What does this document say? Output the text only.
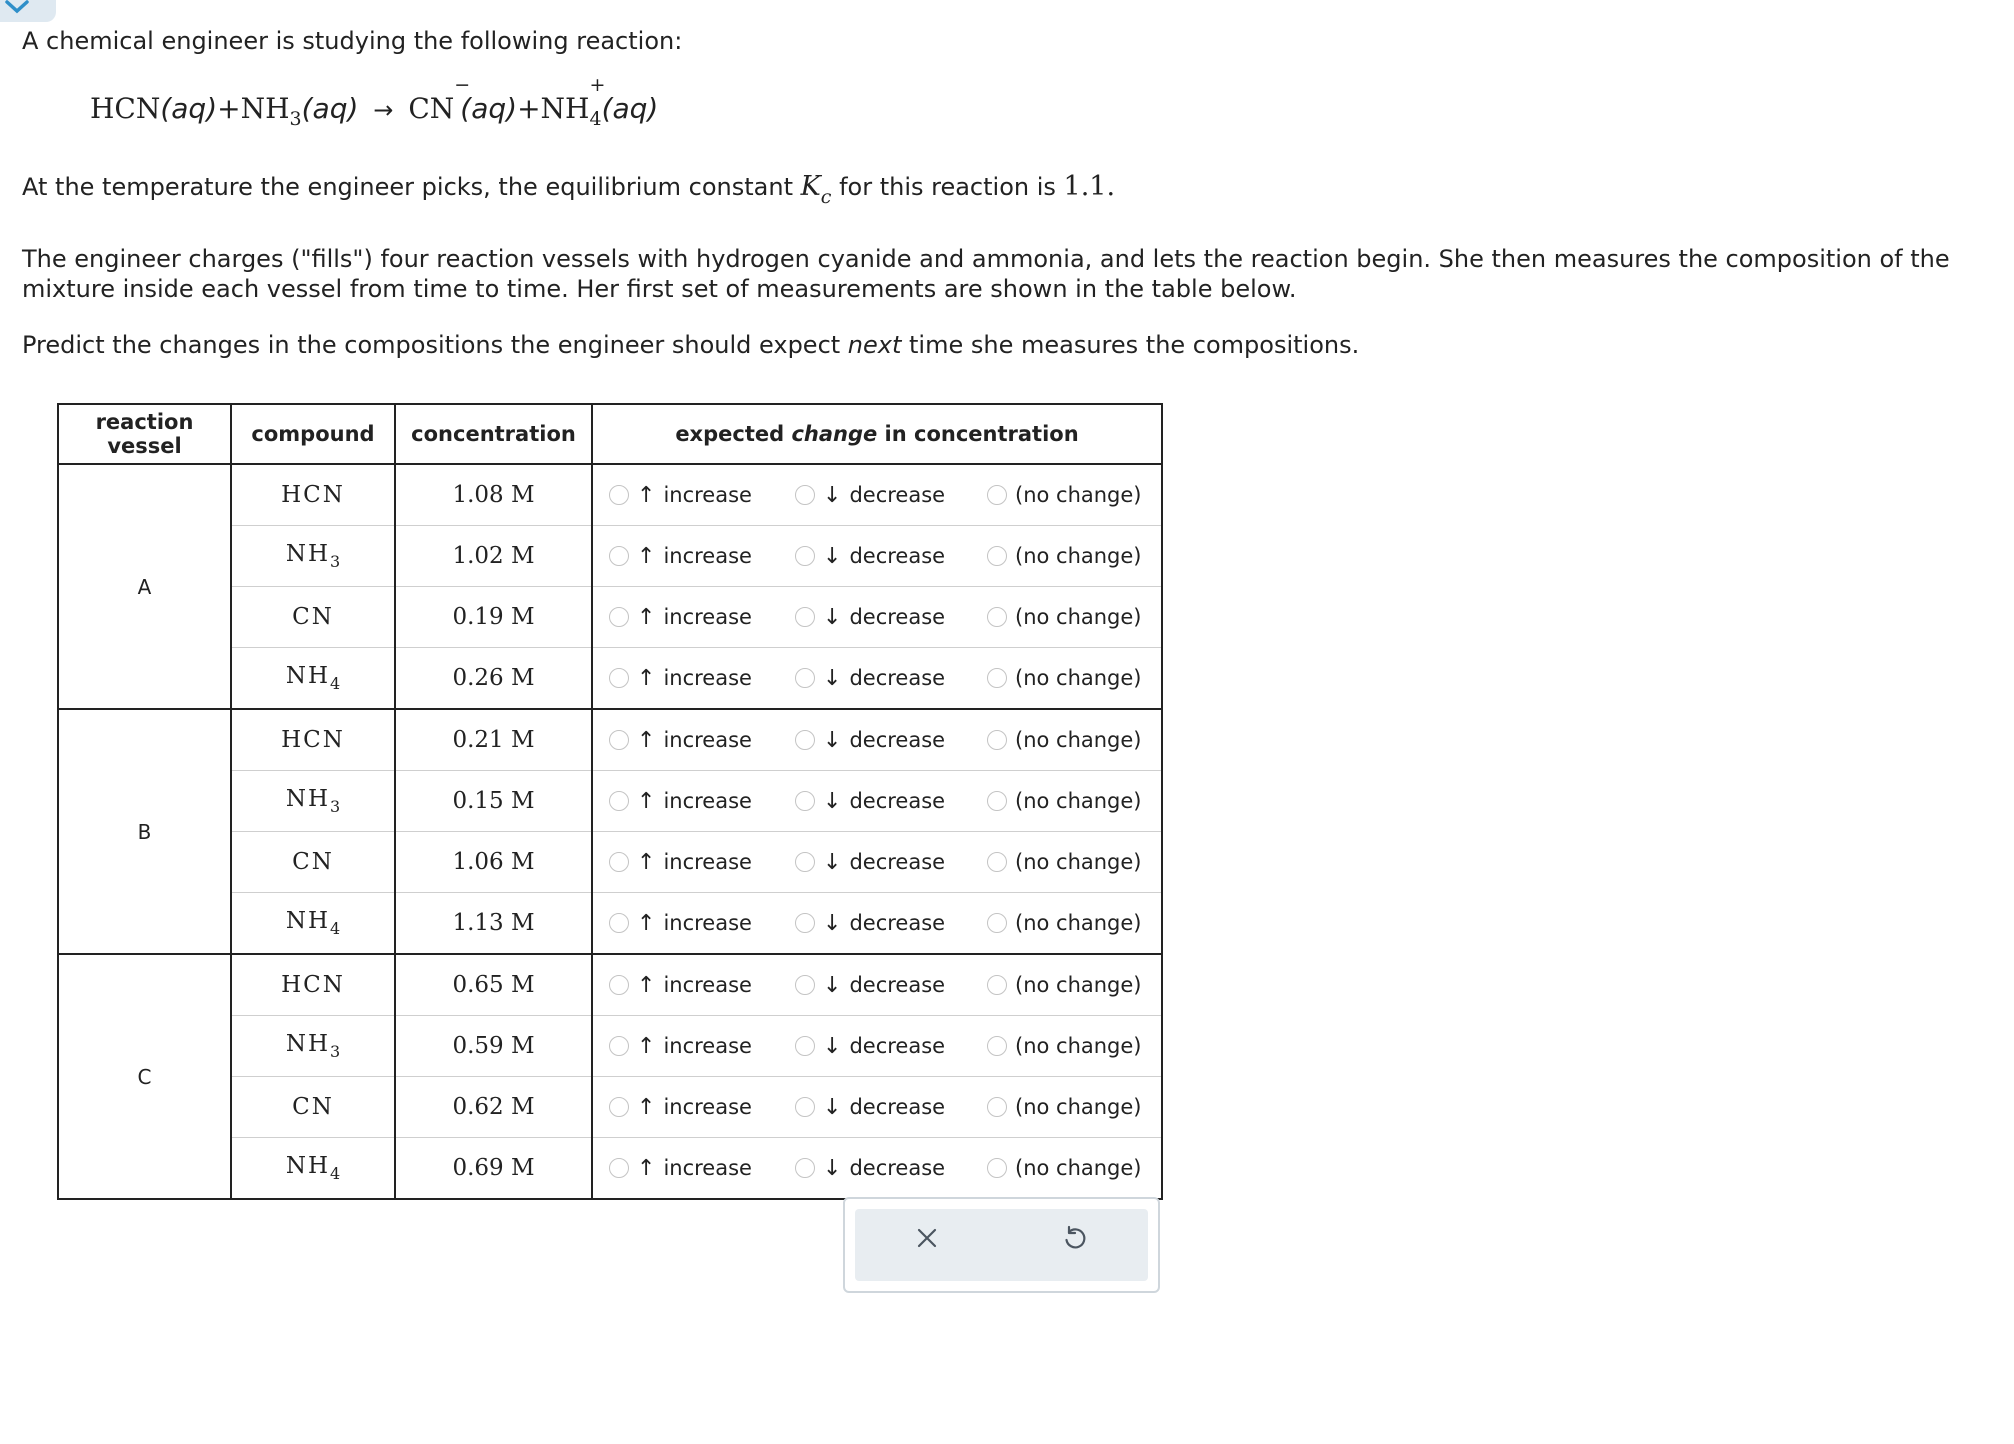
A chemical engineer is studying the following reaction:
$HCN(aq)+NH_3(aq)$ → CN
−
(aq)+NH
+
$_4$(aq)
At the temperature the engineer picks, the equilibrium constant $K_c$ for this reaction is 1.1.
The engineer charges ("fills") four reaction vessels with hydrogen cyanide and ammonia, and lets the reaction begin. She then measures the composition of the mixture inside each vessel from time to time. Her first set of measurements are shown in the table below.
Predict the changes in the compositions the engineer should expect next time she measures the compositions.
reaction vessel	compound	concentration	expected change in concentration

A	HCN	1.08 M	↑ increase ↓ decrease (no change)

	$NH_3$	1.02 M	↑ increase ↓ decrease (no change)

	CN	0.19 M	↑ increase ↓ decrease (no change)

	$NH_4$	0.26 M	↑ increase ↓ decrease (no change)

B	HCN	0.21 M	↑ increase ↓ decrease (no change)

	$NH_3$	0.15 M	↑ increase ↓ decrease (no change)

	CN	1.06 M	↑ increase ↓ decrease (no change)

	$NH_4$	1.13 M	↑ increase ↓ decrease (no change)

C	HCN	0.65 M	↑ increase ↓ decrease (no change)

	$NH_3$	0.59 M	↑ increase ↓ decrease (no change)

	CN	0.62 M	↑ increase ↓ decrease (no change)

	$NH_4$	0.69 M	↑ increase ↓ decrease (no change)
